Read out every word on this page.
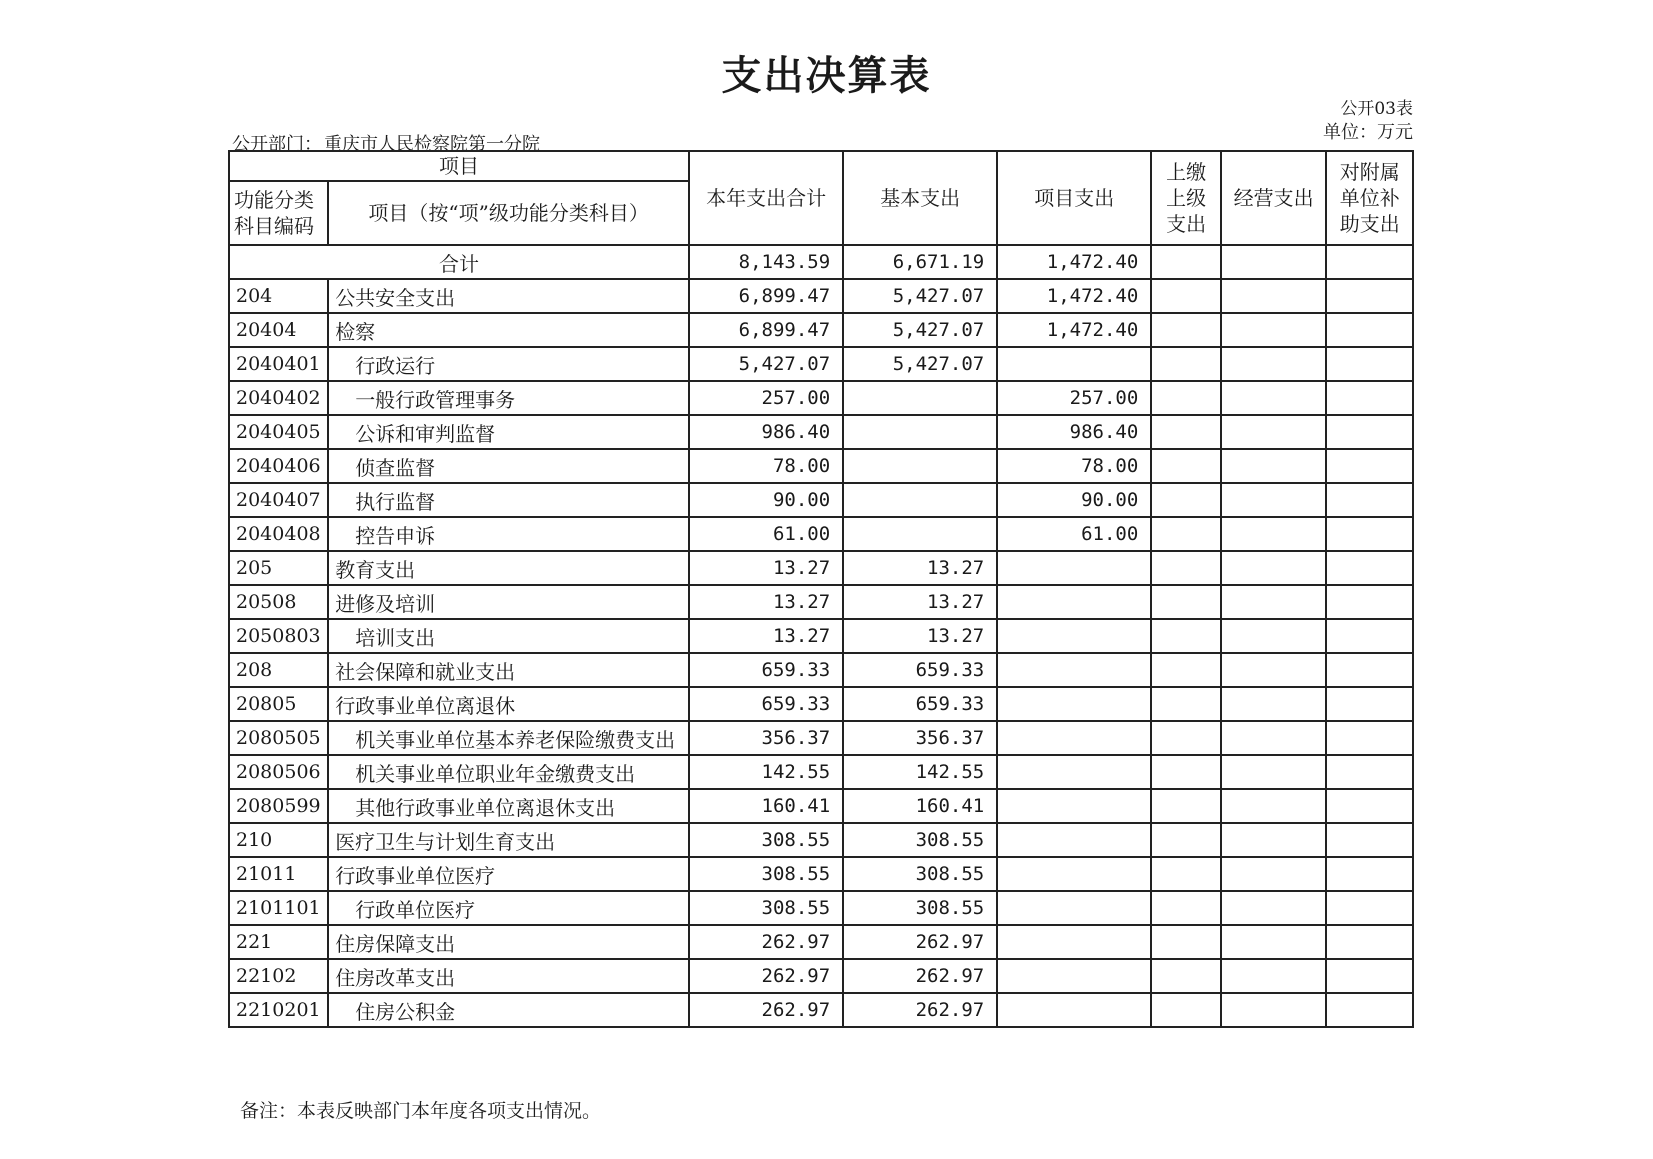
支出决算表
公开03表
单位：万元
公开部门： 重庆市人民检察院第一分院
项目		本年支出合计	基本支出	项目支出	上缴上级支出	经营支出	对附属单位补助支出
功能分类科目编码	项目（按“项”级功能分类科目）						
合计		8,143.59	6,671.19	1,472.40			
204	公共安全支出	6,899.47	5,427.07	1,472.40			
20404	检察	6,899.47	5,427.07	1,472.40			
2040401	行政运行	5,427.07	5,427.07				
2040402	一般行政管理事务	257.00		257.00			
2040405	公诉和审判监督	986.40		986.40			
2040406	侦查监督	78.00		78.00			
2040407	执行监督	90.00		90.00			
2040408	控告申诉	61.00		61.00			
205	教育支出	13.27	13.27				
20508	进修及培训	13.27	13.27				
2050803	培训支出	13.27	13.27				
208	社会保障和就业支出	659.33	659.33				
20805	行政事业单位离退休	659.33	659.33				
2080505	机关事业单位基本养老保险缴费支出	356.37	356.37				
2080506	机关事业单位职业年金缴费支出	142.55	142.55				
2080599	其他行政事业单位离退休支出	160.41	160.41				
210	医疗卫生与计划生育支出	308.55	308.55				
21011	行政事业单位医疗	308.55	308.55				
2101101	行政单位医疗	308.55	308.55				
221	住房保障支出	262.97	262.97				
22102	住房改革支出	262.97	262.97				
2210201	住房公积金	262.97	262.97				
备注：本表反映部门本年度各项支出情况。
